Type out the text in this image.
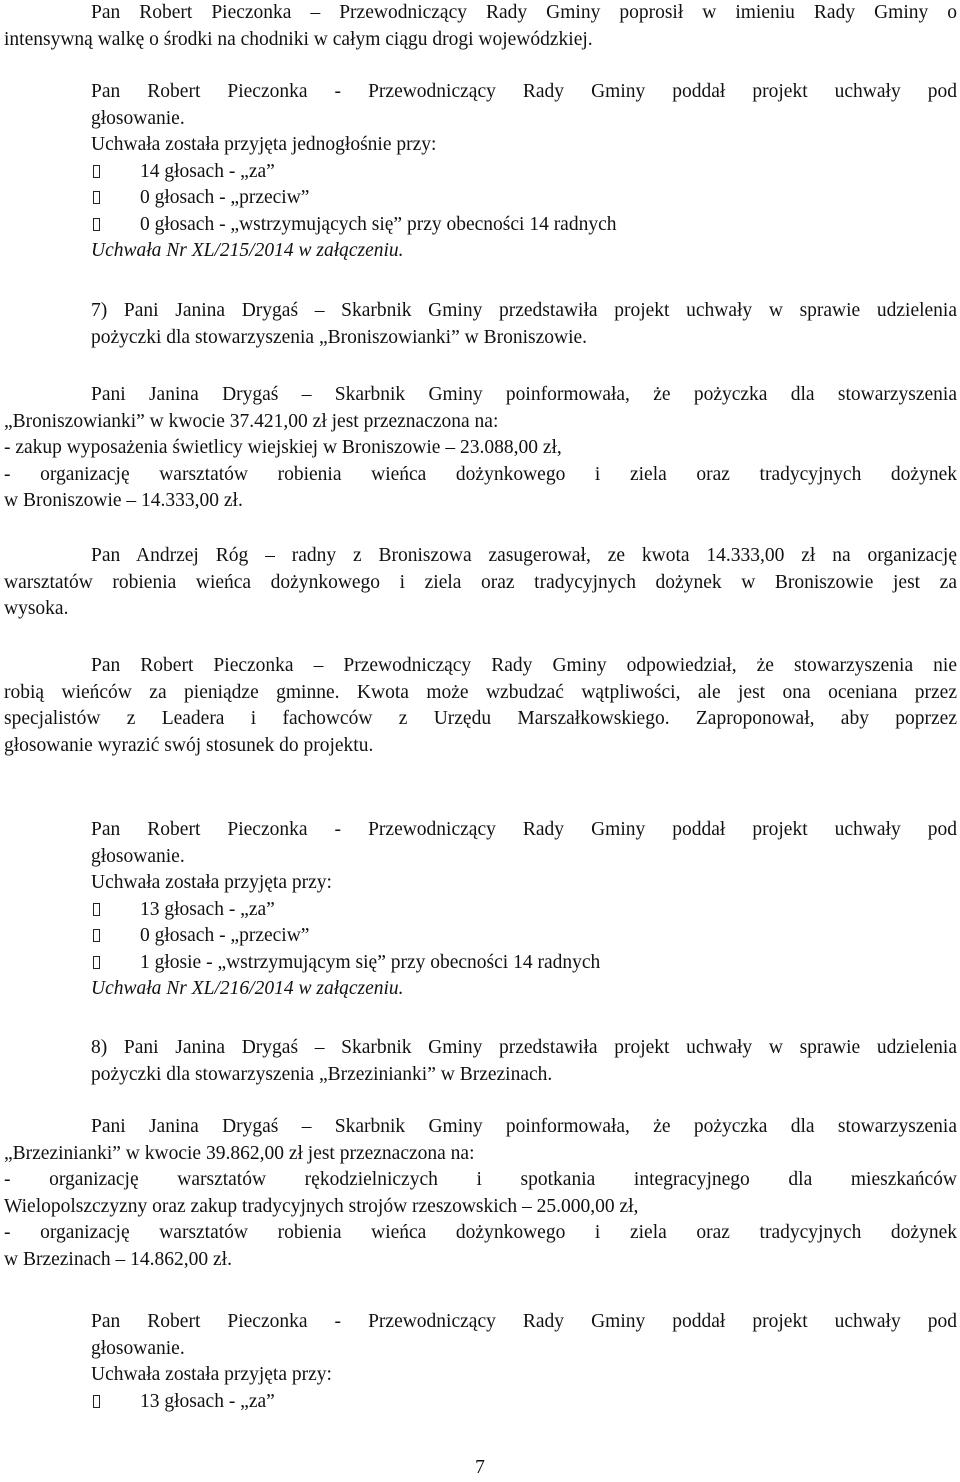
Pan Robert Pieczonka – Przewodniczący Rady Gminy poprosił w imieniu Rady Gminy o
intensywną walkę o środki na chodniki w całym ciągu drogi wojewódzkiej.
Pan Robert Pieczonka - Przewodniczący Rady Gminy poddał projekt uchwały pod
głosowanie.
Uchwała została przyjęta jednogłośnie przy:
14 głosach - „za”
0 głosach - „przeciw”
0 głosach - „wstrzymujących się” przy obecności 14 radnych
Uchwała Nr XL/215/2014 w załączeniu.
7) Pani Janina Drygaś – Skarbnik Gminy przedstawiła projekt uchwały w sprawie udzielenia
pożyczki dla stowarzyszenia „Broniszowianki” w Broniszowie.
Pani Janina Drygaś – Skarbnik Gminy poinformowała, że pożyczka dla stowarzyszenia
„Broniszowianki” w kwocie 37.421,00 zł jest przeznaczona na:
- zakup wyposażenia świetlicy wiejskiej w Broniszowie – 23.088,00 zł,
- organizację warsztatów robienia wieńca dożynkowego i ziela oraz tradycyjnych dożynek
w Broniszowie – 14.333,00 zł.
Pan Andrzej Róg – radny z Broniszowa zasugerował, ze kwota 14.333,00 zł na organizację
warsztatów robienia wieńca dożynkowego i ziela oraz tradycyjnych dożynek w Broniszowie jest za
wysoka.
Pan Robert Pieczonka – Przewodniczący Rady Gminy odpowiedział, że stowarzyszenia nie
robią wieńców za pieniądze gminne. Kwota może wzbudzać wątpliwości, ale jest ona oceniana przez
specjalistów z Leadera i fachowców z Urzędu Marszałkowskiego. Zaproponował, aby poprzez
głosowanie wyrazić swój stosunek do projektu.
Pan Robert Pieczonka - Przewodniczący Rady Gminy poddał projekt uchwały pod
głosowanie.
Uchwała została przyjęta przy:
13 głosach - „za”
0 głosach - „przeciw”
1 głosie - „wstrzymującym się” przy obecności 14 radnych
Uchwała Nr XL/216/2014 w załączeniu.
8) Pani Janina Drygaś – Skarbnik Gminy przedstawiła projekt uchwały w sprawie udzielenia
pożyczki dla stowarzyszenia „Brzezinianki” w Brzezinach.
Pani Janina Drygaś – Skarbnik Gminy poinformowała, że pożyczka dla stowarzyszenia
„Brzezinianki” w kwocie 39.862,00 zł jest przeznaczona na:
- organizację warsztatów rękodzielniczych i spotkania integracyjnego dla mieszkańców
Wielopolszczyzny oraz zakup tradycyjnych strojów rzeszowskich – 25.000,00 zł,
- organizację warsztatów robienia wieńca dożynkowego i ziela oraz tradycyjnych dożynek
w Brzezinach – 14.862,00 zł.
Pan Robert Pieczonka - Przewodniczący Rady Gminy poddał projekt uchwały pod
głosowanie.
Uchwała została przyjęta przy:
13 głosach - „za”
7
